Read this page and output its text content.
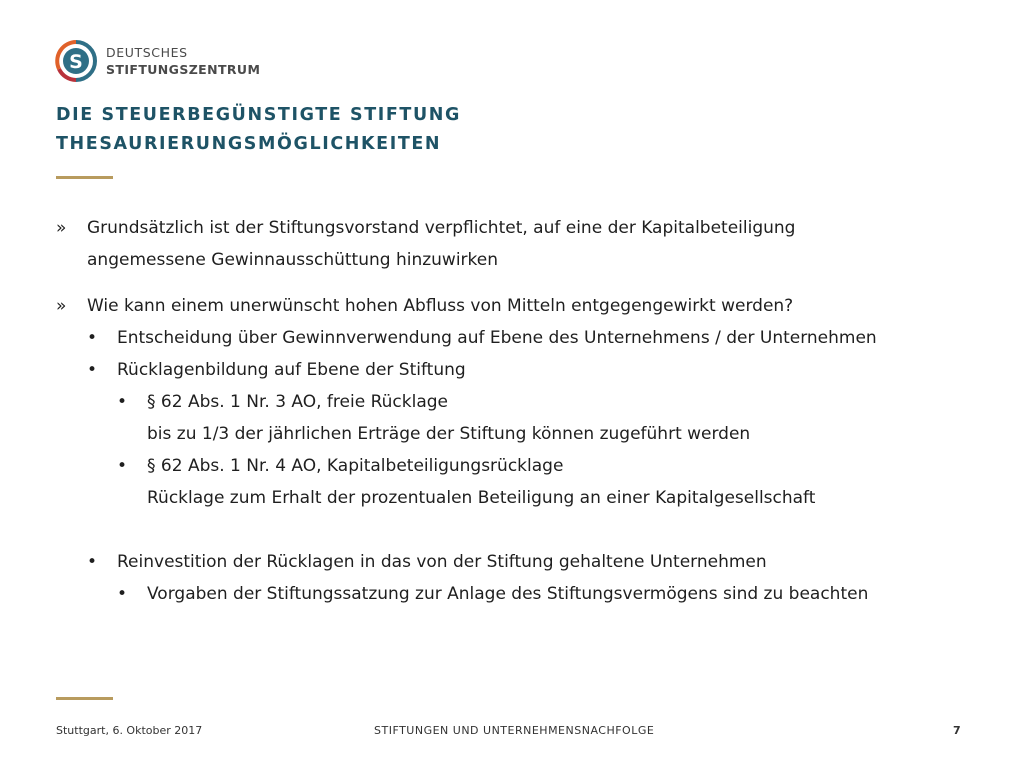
S DEUTSCHES
STIFTUNGSZENTRUM
DIE STEUERBEGÜNSTIGTE STIFTUNG
THESAURIERUNGSMÖGLICHKEITEN
» Grundsätzlich ist der Stiftungsvorstand verpflichtet, auf eine der Kapitalbeteiligung
angemessene Gewinnausschüttung hinzuwirken
» Wie kann einem unerwünscht hohen Abfluss von Mitteln entgegengewirkt werden?
• Entscheidung über Gewinnverwendung auf Ebene des Unternehmens / der Unternehmen
• Rücklagenbildung auf Ebene der Stiftung
• § 62 Abs. 1 Nr. 3 AO, freie Rücklage
bis zu 1/3 der jährlichen Erträge der Stiftung können zugeführt werden
• § 62 Abs. 1 Nr. 4 AO, Kapitalbeteiligungsrücklage
Rücklage zum Erhalt der prozentualen Beteiligung an einer Kapitalgesellschaft
• Reinvestition der Rücklagen in das von der Stiftung gehaltene Unternehmen
• Vorgaben der Stiftungssatzung zur Anlage des Stiftungsvermögens sind zu beachten
Stuttgart, 6. Oktober 2017	STIFTUNGEN UND UNTERNEHMENSNACHFOLGE	7
